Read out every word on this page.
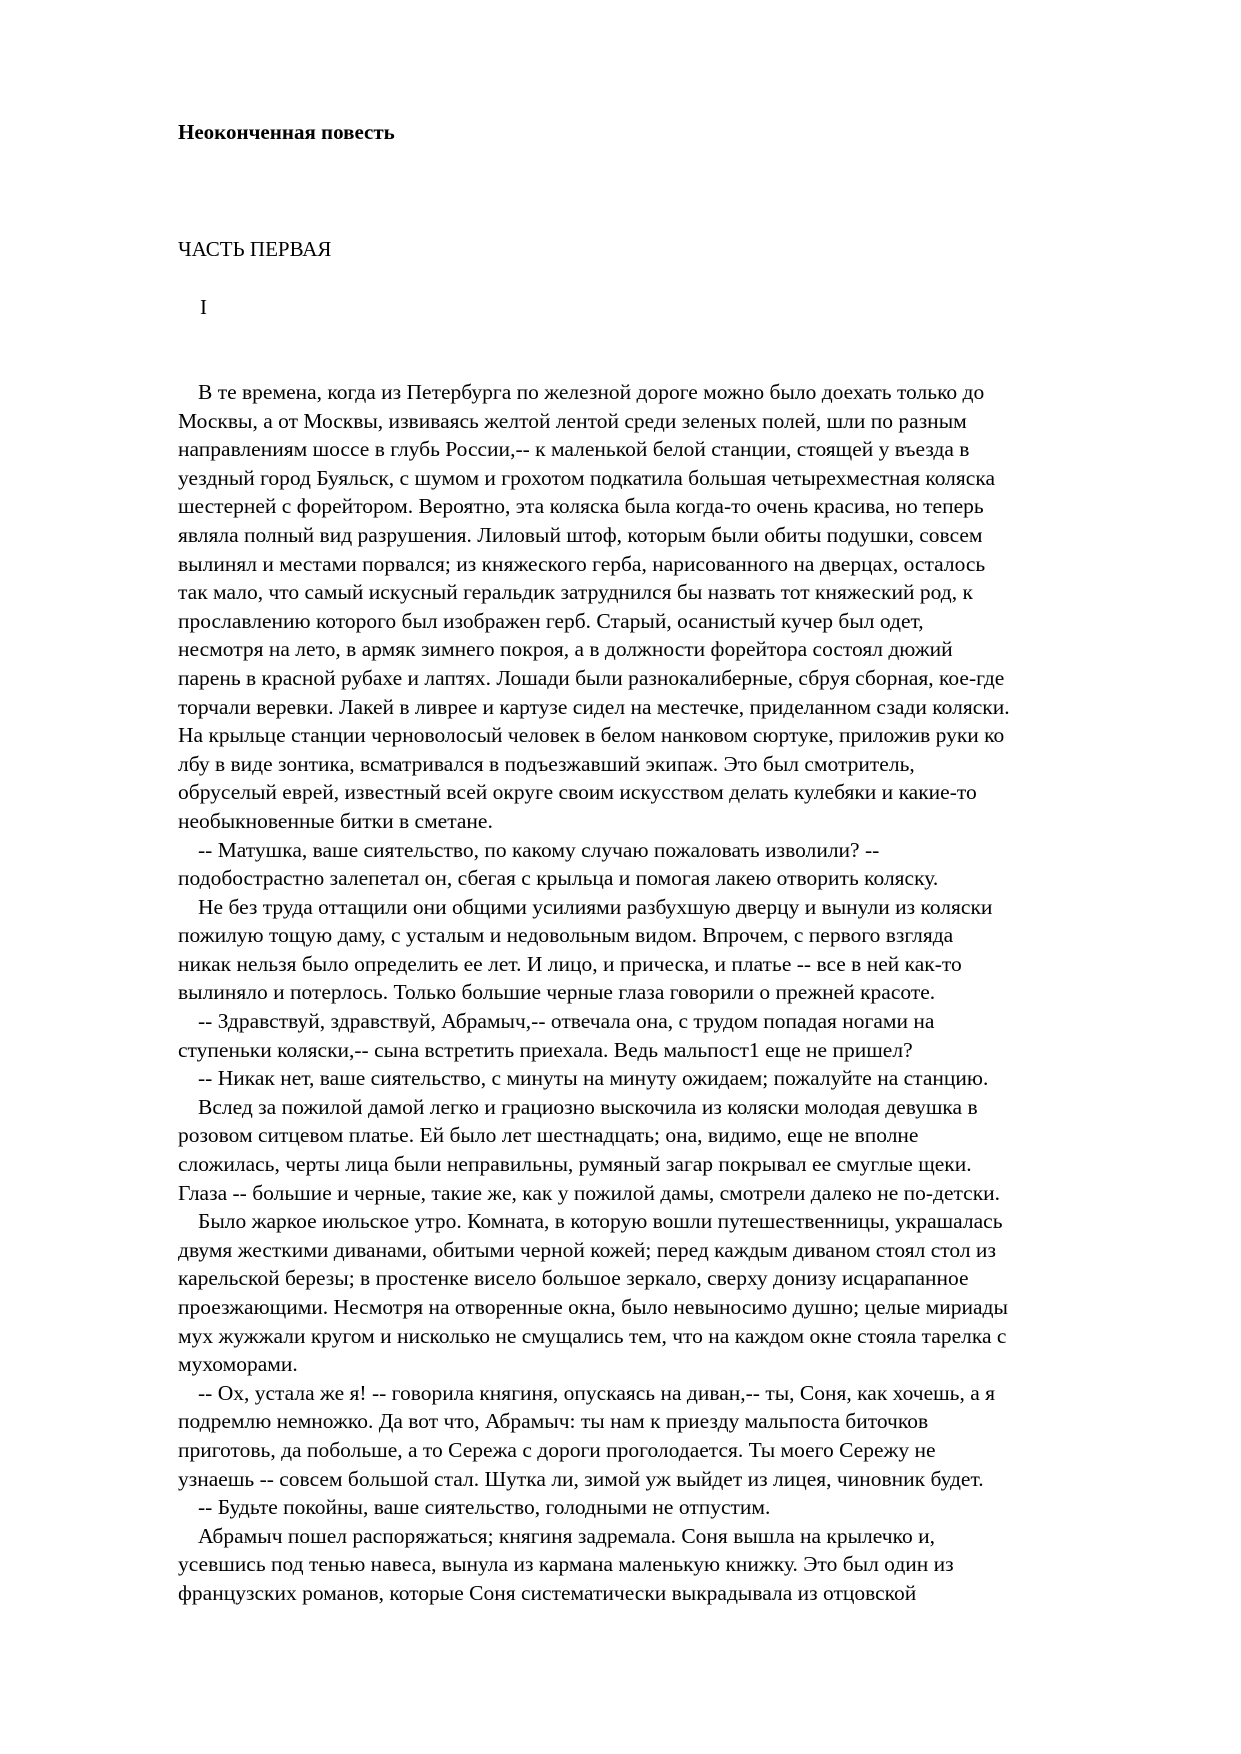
Неоконченная повесть

ЧАСТЬ ПЕРВАЯ

I

В те времена, когда из Петербурга по железной дороге можно было доехать только до
Москвы, а от Москвы, извиваясь желтой лентой среди зеленых полей, шли по разным
направлениям шоссе в глубь России,-- к маленькой белой станции, стоящей у въезда в
уездный город Буяльск, с шумом и грохотом подкатила большая четырехместная коляска
шестерней с форейтором. Вероятно, эта коляска была когда-то очень красива, но теперь
являла полный вид разрушения. Лиловый штоф, которым были обиты подушки, совсем
вылинял и местами порвался; из княжеского герба, нарисованного на дверцах, осталось
так мало, что самый искусный геральдик затруднился бы назвать тот княжеский род, к
прославлению которого был изображен герб. Старый, осанистый кучер был одет,
несмотря на лето, в армяк зимнего покроя, а в должности форейтора состоял дюжий
парень в красной рубахе и лаптях. Лошади были разнокалиберные, сбруя сборная, кое-где
торчали веревки. Лакей в ливрее и картузе сидел на местечке, приделанном сзади коляски.
На крыльце станции черноволосый человек в белом нанковом сюртуке, приложив руки ко
лбу в виде зонтика, всматривался в подъезжавший экипаж. Это был смотритель,
обруселый еврей, известный всей округе своим искусством делать кулебяки и какие-то
необыкновенные битки в сметане.
-- Матушка, ваше сиятельство, по какому случаю пожаловать изволили? --
подобострастно залепетал он, сбегая с крыльца и помогая лакею отворить коляску.
Не без труда оттащили они общими усилиями разбухшую дверцу и вынули из коляски
пожилую тощую даму, с усталым и недовольным видом. Впрочем, с первого взгляда
никак нельзя было определить ее лет. И лицо, и прическа, и платье -- все в ней как-то
вылиняло и потерлось. Только большие черные глаза говорили о прежней красоте.
-- Здравствуй, здравствуй, Абрамыч,-- отвечала она, с трудом попадая ногами на
ступеньки коляски,-- сына встретить приехала. Ведь мальпост1 еще не пришел?
-- Никак нет, ваше сиятельство, с минуты на минуту ожидаем; пожалуйте на станцию.
Вслед за пожилой дамой легко и грациозно выскочила из коляски молодая девушка в
розовом ситцевом платье. Ей было лет шестнадцать; она, видимо, еще не вполне
сложилась, черты лица были неправильны, румяный загар покрывал ее смуглые щеки.
Глаза -- большие и черные, такие же, как у пожилой дамы, смотрели далеко не по-детски.
Было жаркое июльское утро. Комната, в которую вошли путешественницы, украшалась
двумя жесткими диванами, обитыми черной кожей; перед каждым диваном стоял стол из
карельской березы; в простенке висело большое зеркало, сверху донизу исцарапанное
проезжающими. Несмотря на отворенные окна, было невыносимо душно; целые мириады
мух жужжали кругом и нисколько не смущались тем, что на каждом окне стояла тарелка с
мухоморами.
-- Ох, устала же я! -- говорила княгиня, опускаясь на диван,-- ты, Соня, как хочешь, а я
подремлю немножко. Да вот что, Абрамыч: ты нам к приезду мальпоста биточков
приготовь, да побольше, а то Сережа с дороги проголодается. Ты моего Сережу не
узнаешь -- совсем большой стал. Шутка ли, зимой уж выйдет из лицея, чиновник будет.
-- Будьте покойны, ваше сиятельство, голодными не отпустим.
Абрамыч пошел распоряжаться; княгиня задремала. Соня вышла на крылечко и,
усевшись под тенью навеса, вынула из кармана маленькую книжку. Это был один из
французских романов, которые Соня систематически выкрадывала из отцовской
